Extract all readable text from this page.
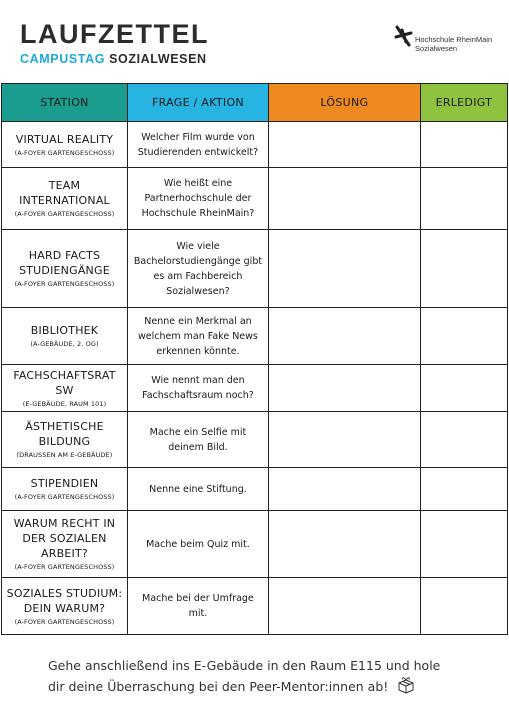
LAUFZETTEL
CAMPUSTAG SOZIALWESEN
Hochschule RheinMain
Sozialwesen
STATION	FRAGE / AKTION	LÖSUNG	ERLEDIGT

VIRTUAL REALITY
(A-FOYER GARTENGESCHOSS)	Welcher Film wurde von Studierenden entwickelt?		

TEAM INTERNATIONAL
(A-FOYER GARTENGESCHOSS)	Wie heißt eine Partnerhochschule der Hochschule RheinMain?		

HARD FACTS STUDIENGÄNGE
(A-FOYER GARTENGESCHOSS)	Wie viele Bachelorstudiengänge gibt es am Fachbereich Sozialwesen?		

BIBLIOTHEK
(A-GEBÄUDE, 2. OG)	Nenne ein Merkmal an welchem man Fake News erkennen könnte.		

FACHSCHAFTSRAT SW
(E-GEBÄUDE, RAUM 101)	Wie nennt man den Fachschaftsraum noch?		

ÄSTHETISCHE BILDUNG
(DRAUSSEN AM E-GEBÄUDE)	Mache ein Selfie mit deinem Bild.		

STIPENDIEN
(A-FOYER GARTENGESCHOSS)	Nenne eine Stiftung.		

WARUM RECHT IN DER SOZIALEN ARBEIT?
(A-FOYER GARTENGESCHOSS)	Mache beim Quiz mit.		

SOZIALES STUDIUM: DEIN WARUM?
(A-FOYER GARTENGESCHOSS)	Mache bei der Umfrage mit.		
Gehe anschließend ins E-Gebäude in den Raum E115 und hole
dir deine Überraschung bei den Peer-Mentor:innen ab!
